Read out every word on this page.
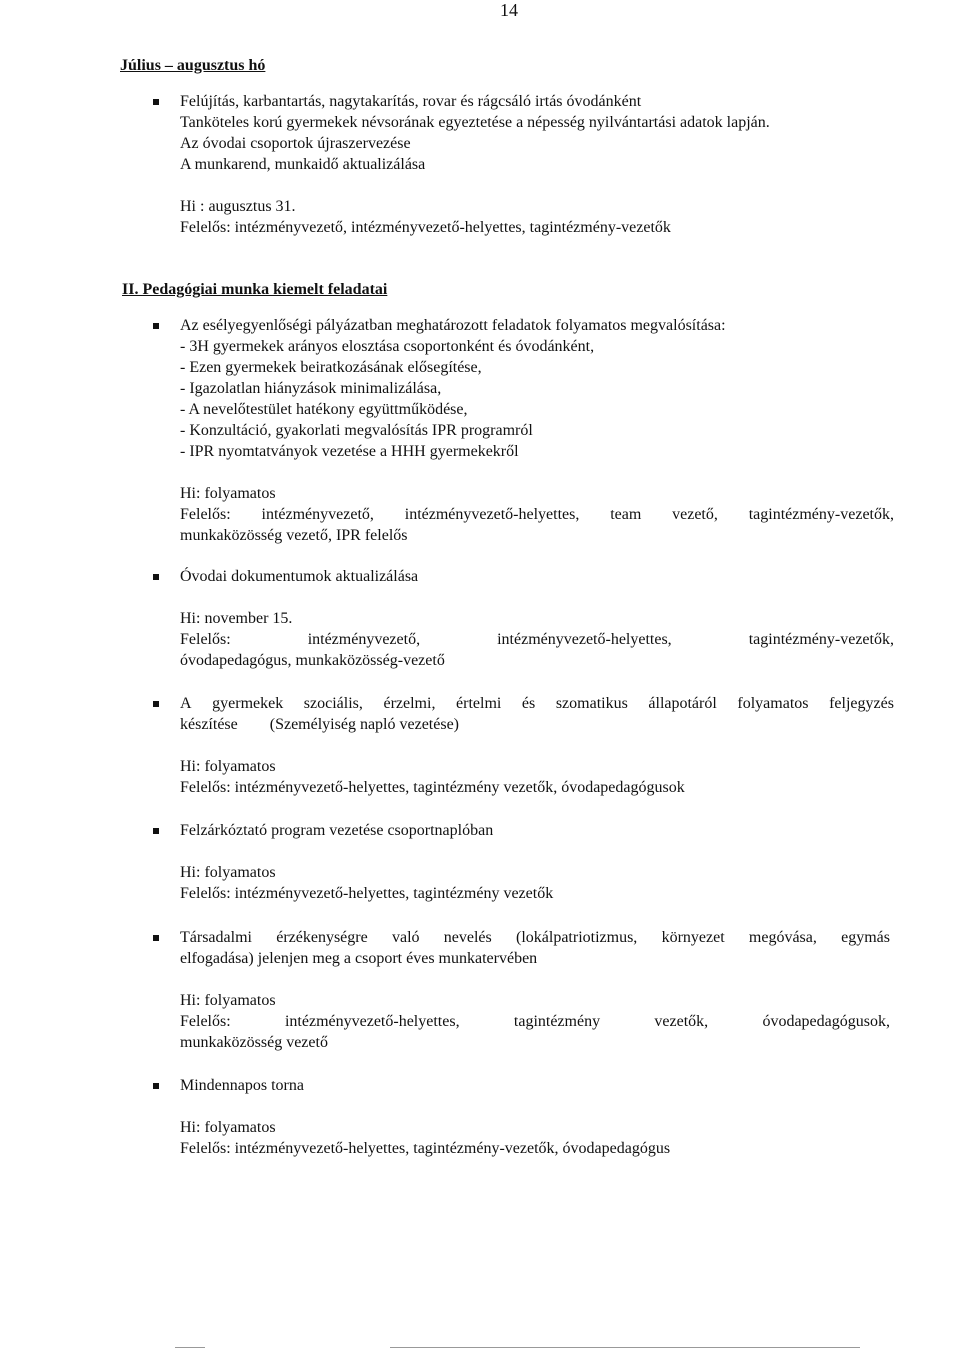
14
Július – augusztus hó
Felújítás, karbantartás, nagytakarítás, rovar és rágcsáló irtás óvodánként
Tanköteles korú gyermekek névsorának egyeztetése a népesség nyilvántartási adatok lapján.
Az óvodai csoportok újraszervezése
A munkarend, munkaidő aktualizálása
Hi : augusztus 31.
Felelős: intézményvezető, intézményvezető-helyettes, tagintézmény-vezetők
II. Pedagógiai munka kiemelt feladatai
Az esélyegyenlőségi pályázatban meghatározott feladatok folyamatos megvalósítása:
- 3H gyermekek arányos elosztása csoportonként és óvodánként,
- Ezen gyermekek beiratkozásának elősegítése,
- Igazolatlan hiányzások minimalizálása,
- A nevelőtestület hatékony együttműködése,
- Konzultáció, gyakorlati megvalósítás IPR programról
- IPR nyomtatványok vezetése a HHH gyermekekről
Hi: folyamatos
Felelős: intézményvezető, intézményvezető-helyettes, team vezető, tagintézmény-vezetők,
munkaközösség vezető, IPR felelős
Óvodai dokumentumok aktualizálása
Hi: november 15.
Felelős:	intézményvezető,	intézményvezető-helyettes,	tagintézmény-vezetők,
óvodapedagógus, munkaközösség-vezető
A gyermekek szociális, érzelmi, értelmi és szomatikus állapotáról folyamatos feljegyzés
készítése        (Személyiség napló vezetése)
Hi: folyamatos
Felelős: intézményvezető-helyettes, tagintézmény vezetők, óvodapedagógusok
Felzárkóztató program vezetése csoportnaplóban
Hi: folyamatos
Felelős: intézményvezető-helyettes, tagintézmény vezetők
Társadalmi érzékenységre való nevelés (lokálpatriotizmus, környezet megóvása, egymás
elfogadása) jelenjen meg a csoport éves munkatervében
Hi: folyamatos
Felelős:	intézményvezető-helyettes,	tagintézmény	vezetők,	óvodapedagógusok,
munkaközösség vezető
Mindennapos torna
Hi: folyamatos
Felelős: intézményvezető-helyettes, tagintézmény-vezetők, óvodapedagógus
